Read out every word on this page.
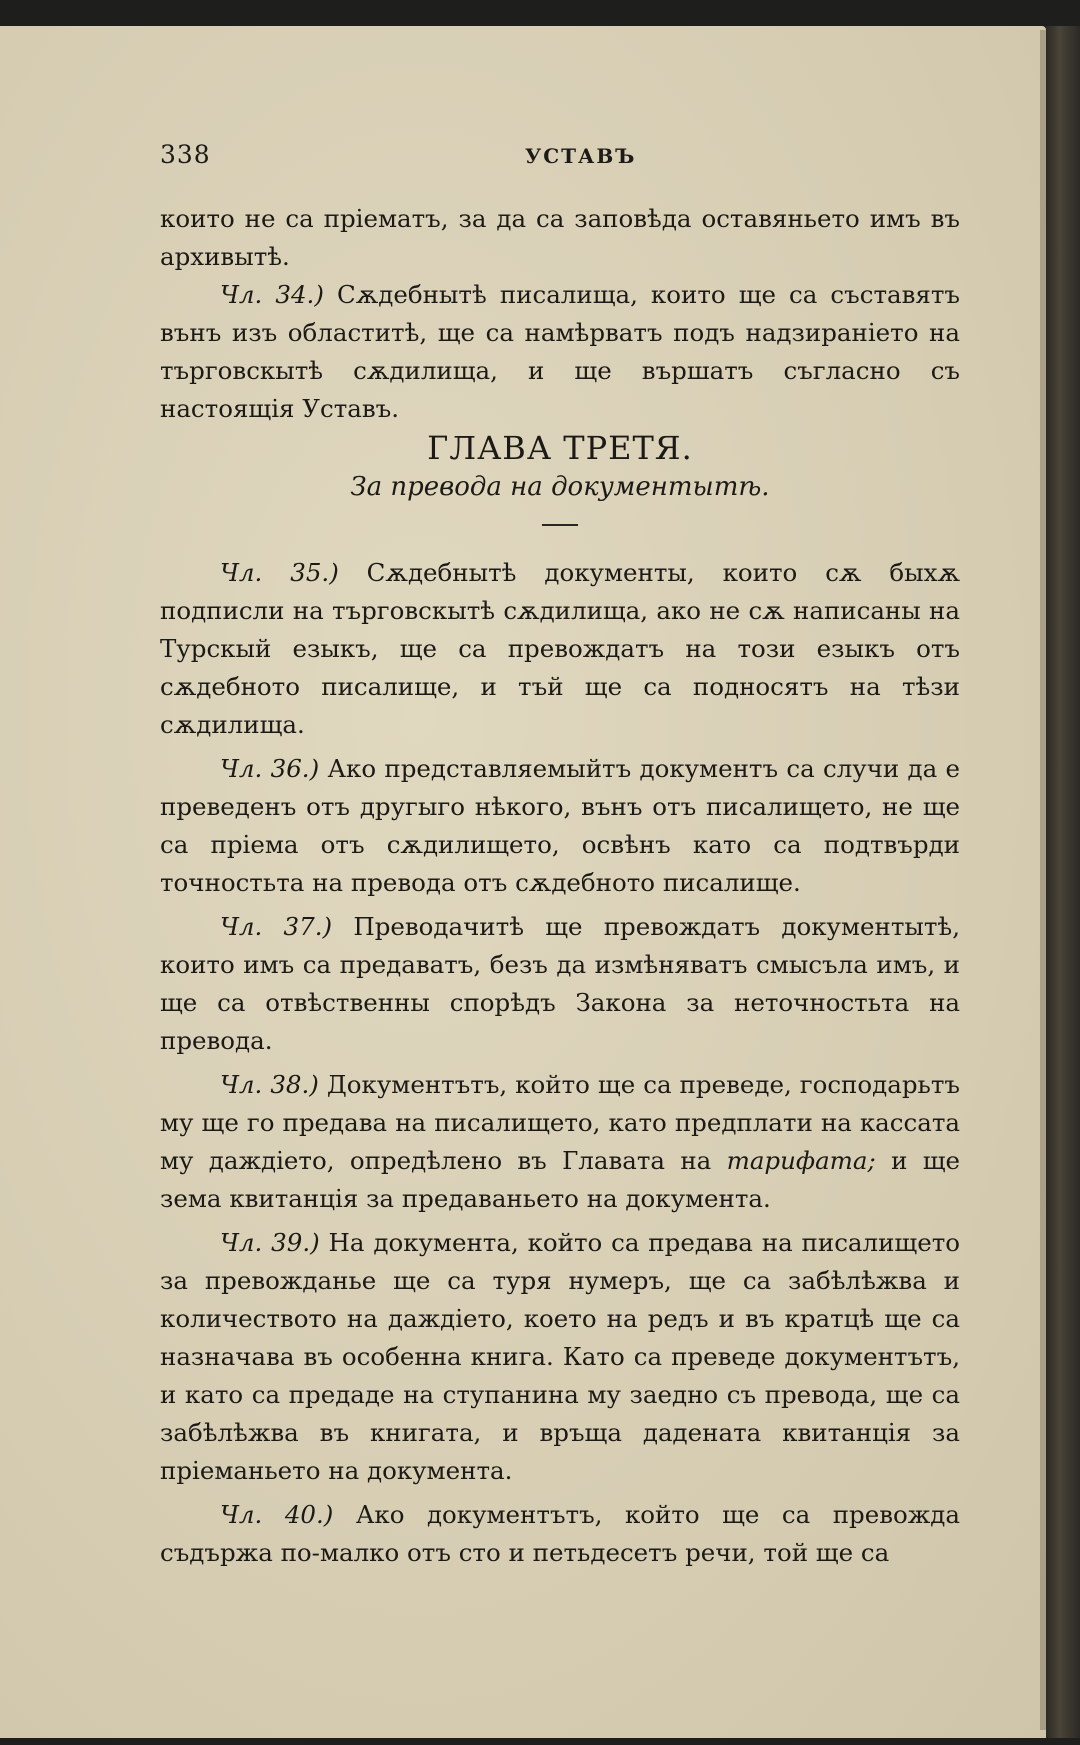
338	УСТАВЪ

които не са пріематъ, за да са заповѣда оставяньето имъ въ архивытѣ.

Чл. 34.) Сѫдебнытѣ писалища, които ще са съставятъ вънъ изъ областитѣ, ще са намѣрватъ подъ надзираніето на търговскытѣ сѫдилища, и ще вършатъ съгласно съ настоящія Уставъ.

ГЛАВА ТРЕТЯ.

За превода на документытѣ.

Чл. 35.) Сѫдебнытѣ документы, които сѫ быхѫ подписли на търговскытѣ сѫдилища, ако не сѫ написаны на Турскый езыкъ, ще са превождатъ на този езыкъ отъ сѫдебното писалище, и тъй ще са подносятъ на тѣзи сѫдилища.

Чл. 36.) Ако представляемыйтъ документъ са случи да е преведенъ отъ другыго нѣкого, вънъ отъ писалището, не ще са пріема отъ сѫдилището, освѣнъ като са подтвърди точностьта на превода отъ сѫдебното писалище.

Чл. 37.) Преводачитѣ ще превождатъ документытѣ, които имъ са предаватъ, безъ да измѣняватъ смысъла имъ, и ще са отвѣственны спорѣдъ Закона за неточностьта на превода.

Чл. 38.) Документътъ, който ще са преведе, господарьтъ му ще го предава на писалището, като предплати на кассата му даждіето, опредѣлено въ Главата на тарифата; и ще зема квитанція за предаваньето на документа.

Чл. 39.) На документа, който са предава на писалището за превожданье ще са туря нумеръ, ще са забѣлѣжва и количеството на даждіето, което на редъ и въ кратцѣ ще са назначава въ особенна книга. Като са преведе документътъ, и като са предаде на ступанина му заедно съ превода, ще са забѣлѣжва въ книгата, и връща дадената квитанція за пріеманьето на документа.

Чл. 40.) Ако документътъ, който ще са превожда съдържа по-малко отъ сто и петьдесетъ речи, той ще са
